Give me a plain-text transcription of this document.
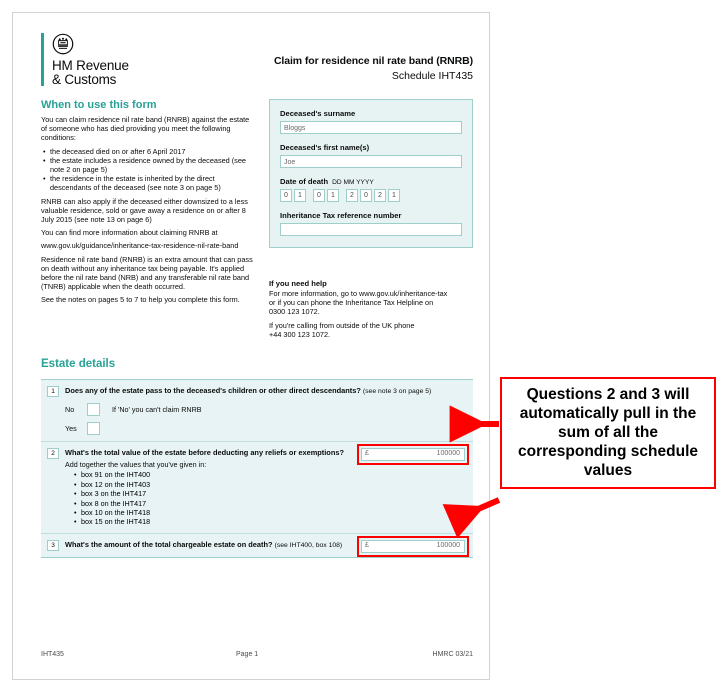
HM Revenue
& Customs
Claim for residence nil rate band (RNRB)
Schedule IHT435
When to use this form

You can claim residence nil rate band (RNRB) against the estate of someone who has died providing you meet the following conditions:

• the deceased died on or after 6 April 2017
• the estate includes a residence owned by the deceased (see note 2 on page 5)
• the residence in the estate is inherited by the direct descendants of the deceased (see note 3 on page 5)

RNRB can also apply if the deceased either downsized to a less valuable residence, sold or gave away a residence on or after 8 July 2015 (see note 13 on page 6)

You can find more information about claiming RNRB at

www.gov.uk/guidance/inheritance-tax-residence-nil-rate-band

Residence nil rate band (RNRB) is an extra amount that can pass on death without any inheritance tax being payable. It's applied before the nil rate band (NRB) and any transferable nil rate band (TNRB) applicable when the death occurred.

See the notes on pages 5 to 7 to help you complete this form.

Deceased's surname
Bloggs
Deceased's first name(s)
Joe
Date of death DD MM YYYY
0	1	0	1	2	0	2	1
Inheritance Tax reference number
If you need help

For more information, go to www.gov.uk/inheritance-tax

or if you can phone the Inheritance Tax Helpline on

0300 123 1072.

If you're calling from outside of the UK phone

+44 300 123 1072.

Estate details
1	Does any of the estate pass to the deceased's children or other direct descendants? (see note 3 on page 5)
No	If 'No' you can't claim RNRB
Yes
2	What's the total value of the estate before deducting any reliefs or exemptions?
Add together the values that you've given in:
• box 91 on the IHT400
• box 12 on the IHT403
• box 3 on the IHT417
• box 8 on the IHT417
• box 10 on the IHT418
• box 15 on the IHT418
£	100000
3	What's the amount of the total chargeable estate on death? (see IHT400, box 108)	£	100000
IHT435	Page 1	HMRC 03/21
Questions 2 and 3 will automatically pull in the sum of all the corresponding schedule values
